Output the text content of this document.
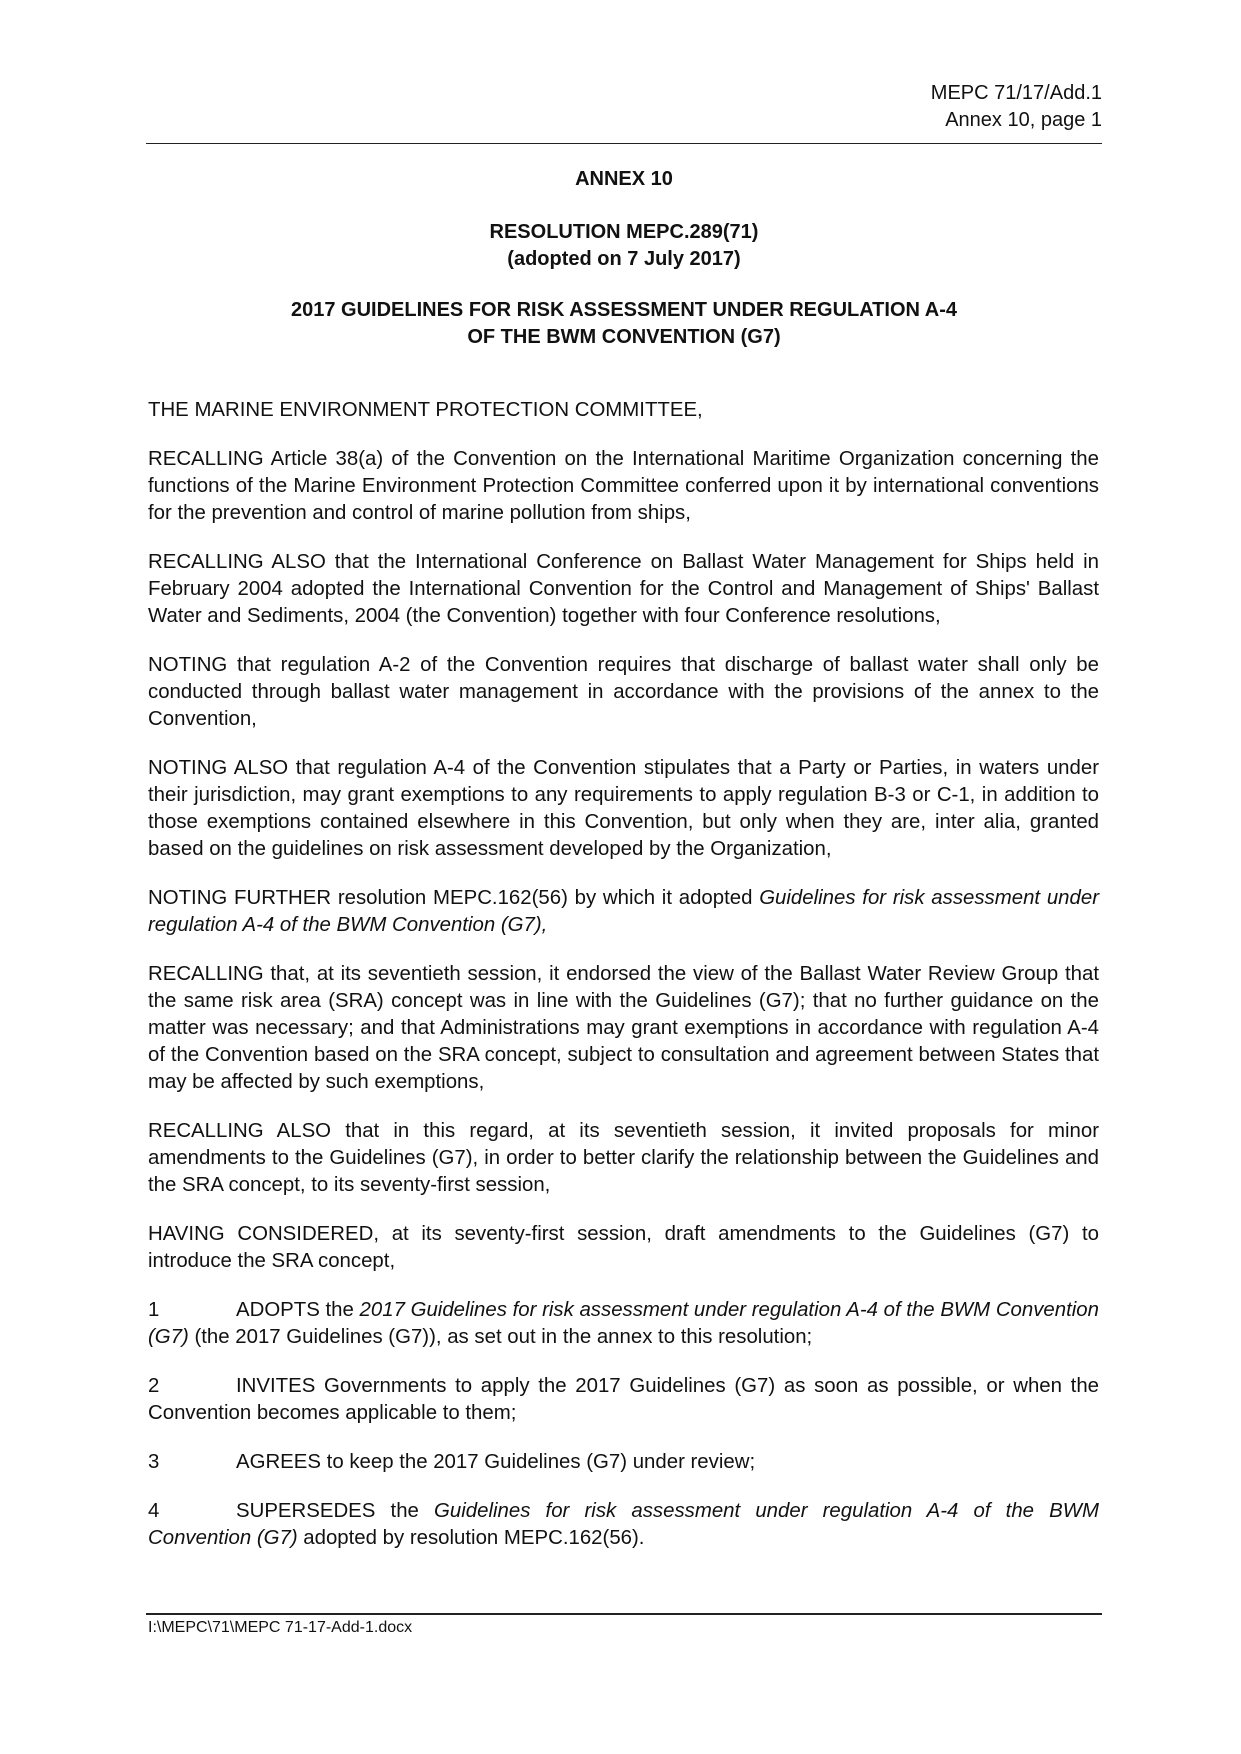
MEPC 71/17/Add.1
Annex 10, page 1
ANNEX 10
RESOLUTION MEPC.289(71)
(adopted on 7 July 2017)
2017 GUIDELINES FOR RISK ASSESSMENT UNDER REGULATION A-4
OF THE BWM CONVENTION (G7)

THE MARINE ENVIRONMENT PROTECTION COMMITTEE,

RECALLING Article 38(a) of the Convention on the International Maritime Organization concerning the functions of the Marine Environment Protection Committee conferred upon it by international conventions for the prevention and control of marine pollution from ships,

RECALLING ALSO that the International Conference on Ballast Water Management for Ships held in February 2004 adopted the International Convention for the Control and Management of Ships' Ballast Water and Sediments, 2004 (the Convention) together with four Conference resolutions,

NOTING that regulation A-2 of the Convention requires that discharge of ballast water shall only be conducted through ballast water management in accordance with the provisions of the annex to the Convention,

NOTING ALSO that regulation A-4 of the Convention stipulates that a Party or Parties, in waters under their jurisdiction, may grant exemptions to any requirements to apply regulation B-3 or C-1, in addition to those exemptions contained elsewhere in this Convention, but only when they are, inter alia, granted based on the guidelines on risk assessment developed by the Organization,

NOTING FURTHER resolution MEPC.162(56) by which it adopted Guidelines for risk assessment under regulation A-4 of the BWM Convention (G7),

RECALLING that, at its seventieth session, it endorsed the view of the Ballast Water Review Group that the same risk area (SRA) concept was in line with the Guidelines (G7); that no further guidance on the matter was necessary; and that Administrations may grant exemptions in accordance with regulation A-4 of the Convention based on the SRA concept, subject to consultation and agreement between States that may be affected by such exemptions,

RECALLING ALSO that in this regard, at its seventieth session, it invited proposals for minor amendments to the Guidelines (G7), in order to better clarify the relationship between the Guidelines and the SRA concept, to its seventy-first session,

HAVING CONSIDERED, at its seventy-first session, draft amendments to the Guidelines (G7) to introduce the SRA concept,

1	ADOPTS the 2017 Guidelines for risk assessment under regulation A-4 of the BWM Convention (G7) (the 2017 Guidelines (G7)), as set out in the annex to this resolution;

2	INVITES Governments to apply the 2017 Guidelines (G7) as soon as possible, or when the Convention becomes applicable to them;

3	AGREES to keep the 2017 Guidelines (G7) under review;

4	SUPERSEDES the Guidelines for risk assessment under regulation A-4 of the BWM Convention (G7) adopted by resolution MEPC.162(56).

I:\MEPC\71\MEPC 71-17-Add-1.docx
